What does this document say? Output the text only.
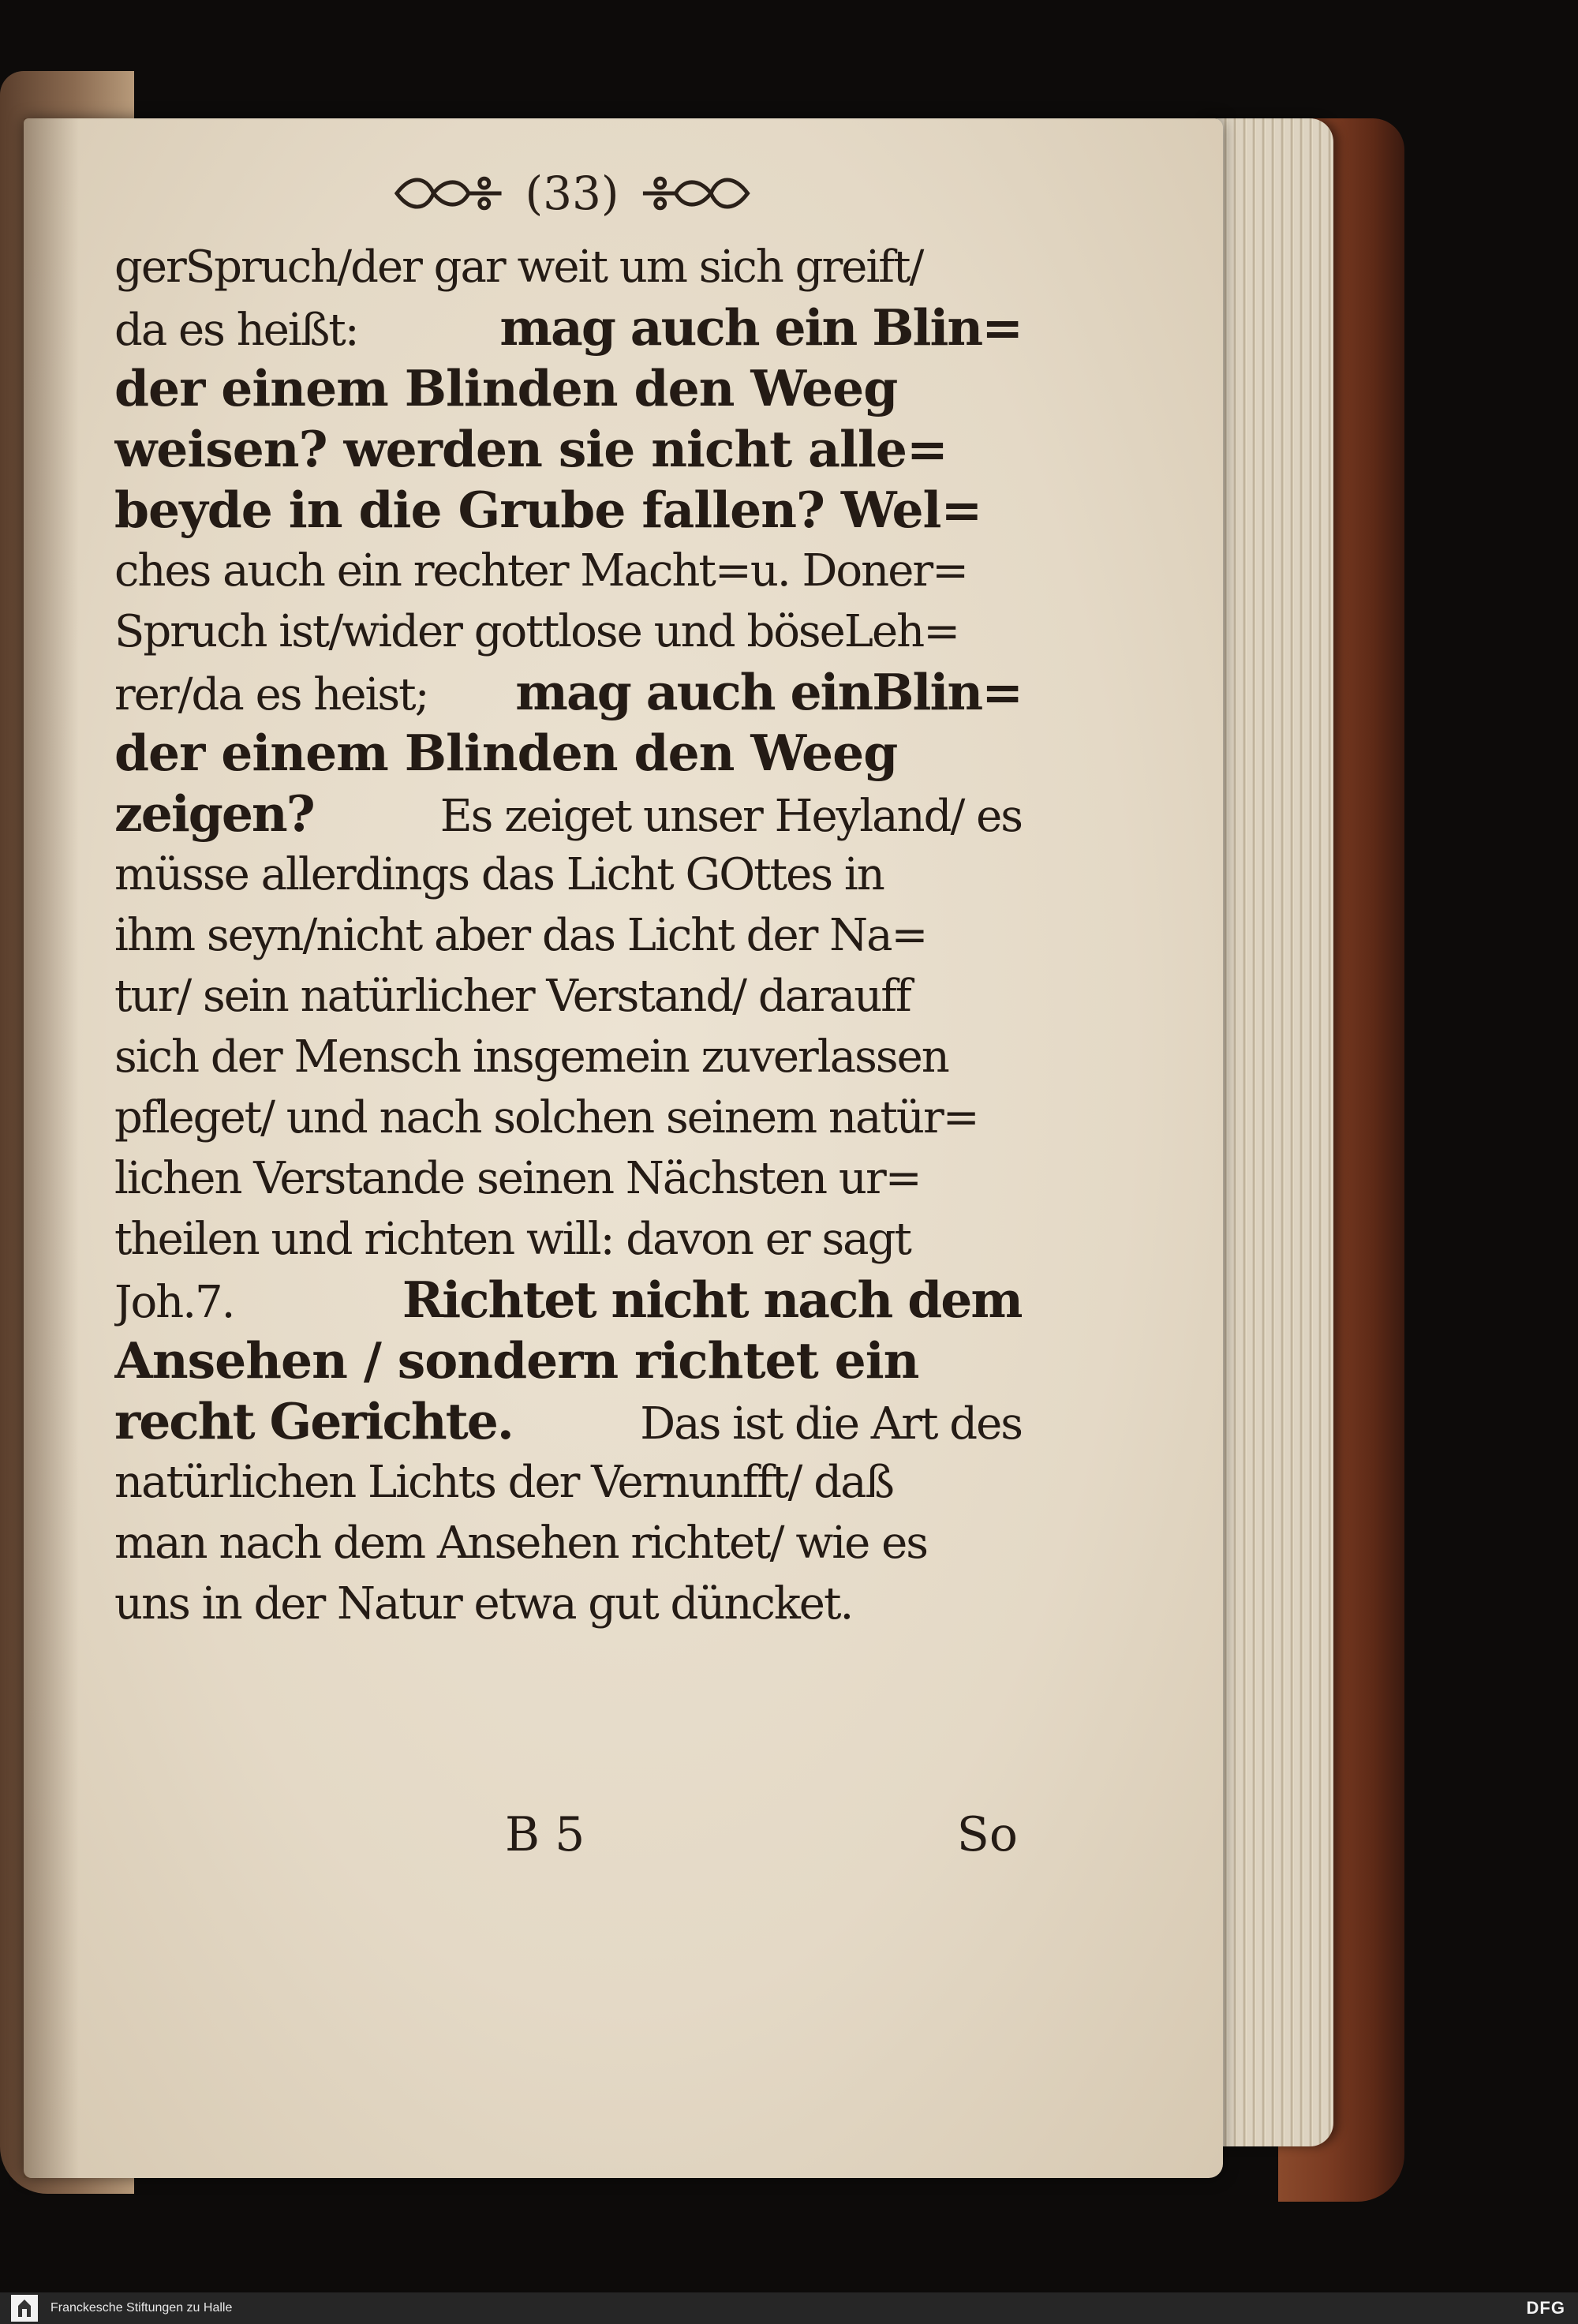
(33)
gerSpruch/der gar weit um sich greift/
da es heißt:	mag auch ein Blin=
der einem Blinden den Weeg
weisen? werden sie nicht alle=
beyde in die Grube fallen? Wel=
ches auch ein rechter Macht=u. Doner=
Spruch ist/wider gottlose und böseLeh=
rer/da es heist; mag auch einBlin=
der einem Blinden den Weeg
zeigen?	Es zeiget unser Heyland/ es
müsse allerdings das Licht GOttes in
ihm seyn/nicht aber das Licht der Na=
tur/ sein natürlicher Verstand/ darauff
sich der Mensch insgemein zuverlassen
pfleget/ und nach solchen seinem natür=
lichen Verstande seinen Nächsten ur=
theilen und richten will: davon er sagt
Joh.7.	Richtet nicht nach dem
Ansehen / sondern richtet ein
recht Gerichte.	Das ist die Art des
natürlichen Lichts der Vernunfft/ daß
man nach dem Ansehen richtet/ wie es
uns in der Natur etwa gut düncket.
B 5	So
Franckesche Stiftungen zu Halle	DFG
